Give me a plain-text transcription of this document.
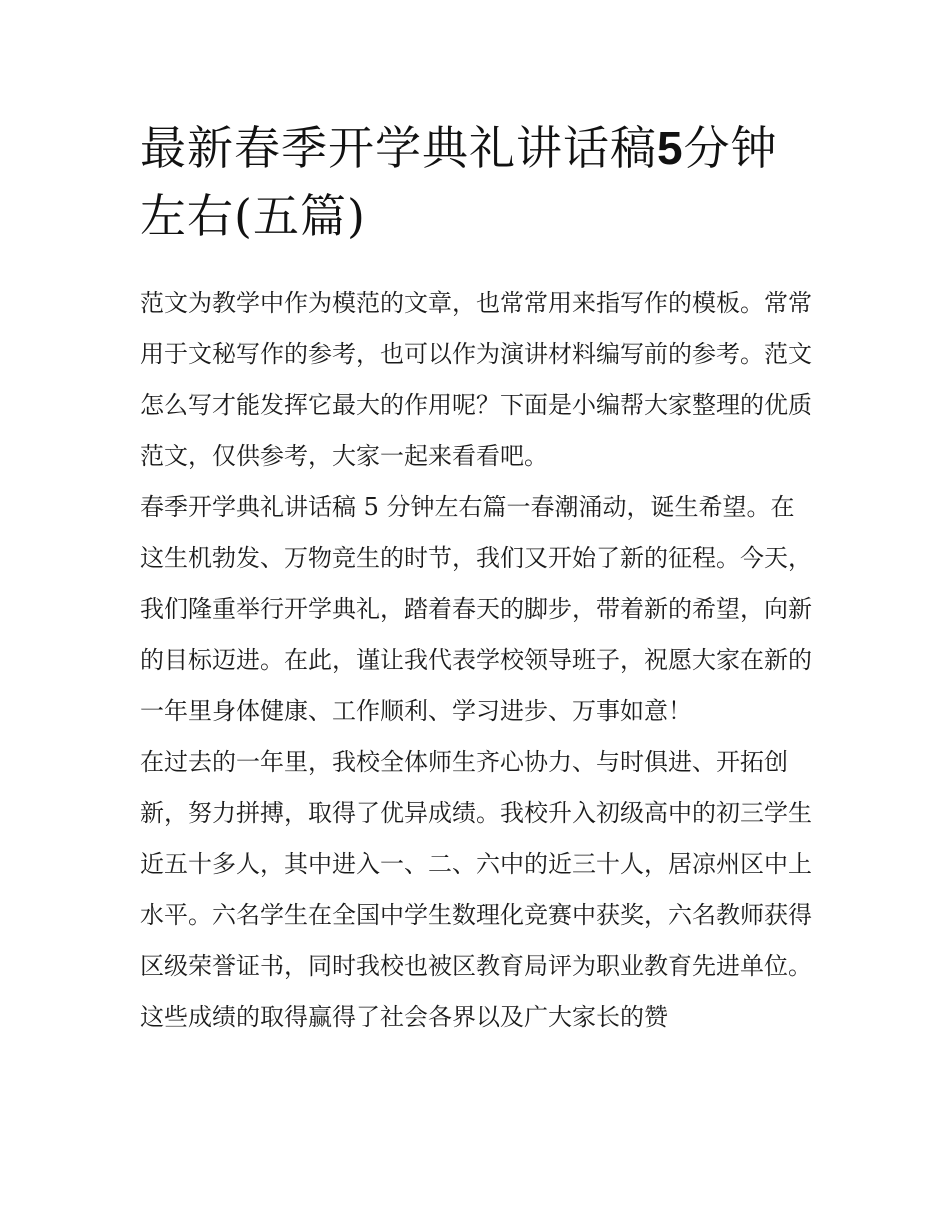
最新春季开学典礼讲话稿5分钟左右(五篇)

范文为教学中作为模范的文章，也常常用来指写作的模板。常常用于文秘写作的参考，也可以作为演讲材料编写前的参考。范文怎么写才能发挥它最大的作用呢？下面是小编帮大家整理的优质范文，仅供参考，大家一起来看看吧。

春季开学典礼讲话稿 5 分钟左右篇一春潮涌动，诞生希望。在这生机勃发、万物竞生的时节，我们又开始了新的征程。今天，我们隆重举行开学典礼，踏着春天的脚步，带着新的希望，向新的目标迈进。在此，谨让我代表学校领导班子，祝愿大家在新的一年里身体健康、工作顺利、学习进步、万事如意！

在过去的一年里，我校全体师生齐心协力、与时俱进、开拓创新，努力拼搏，取得了优异成绩。我校升入初级高中的初三学生近五十多人，其中进入一、二、六中的近三十人，居凉州区中上水平。六名学生在全国中学生数理化竞赛中获奖，六名教师获得区级荣誉证书，同时我校也被区教育局评为职业教育先进单位。这些成绩的取得赢得了社会各界以及广大家长的赞
